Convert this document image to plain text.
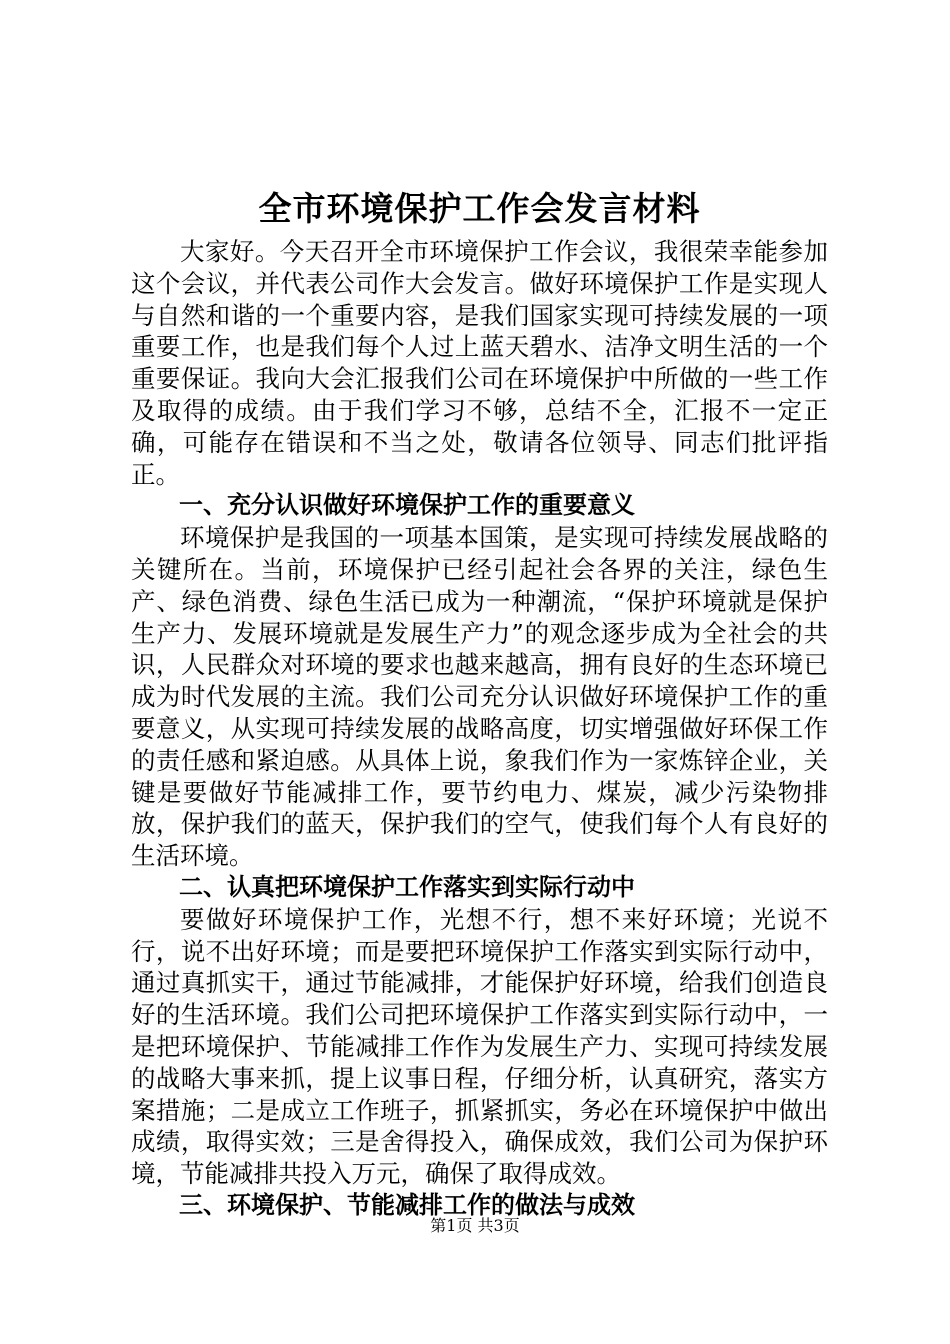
全市环境保护工作会发言材料

大家好。今天召开全市环境保护工作会议，我很荣幸能参加这个会议，并代表公司作大会发言。做好环境保护工作是实现人与自然和谐的一个重要内容，是我们国家实现可持续发展的一项重要工作，也是我们每个人过上蓝天碧水、洁净文明生活的一个重要保证。我向大会汇报我们公司在环境保护中所做的一些工作及取得的成绩。由于我们学习不够，总结不全，汇报不一定正确，可能存在错误和不当之处，敬请各位领导、同志们批评指正。

一、充分认识做好环境保护工作的重要意义

环境保护是我国的一项基本国策，是实现可持续发展战略的关键所在。当前，环境保护已经引起社会各界的关注，绿色生产、绿色消费、绿色生活已成为一种潮流，“保护环境就是保护生产力、发展环境就是发展生产力”的观念逐步成为全社会的共识，人民群众对环境的要求也越来越高，拥有良好的生态环境已成为时代发展的主流。我们公司充分认识做好环境保护工作的重要意义，从实现可持续发展的战略高度，切实增强做好环保工作的责任感和紧迫感。从具体上说，象我们作为一家炼锌企业，关键是要做好节能减排工作，要节约电力、煤炭，减少污染物排放，保护我们的蓝天，保护我们的空气，使我们每个人有良好的生活环境。

二、认真把环境保护工作落实到实际行动中

要做好环境保护工作，光想不行，想不来好环境；光说不行，说不出好环境；而是要把环境保护工作落实到实际行动中，通过真抓实干，通过节能减排，才能保护好环境，给我们创造良好的生活环境。我们公司把环境保护工作落实到实际行动中，一是把环境保护、节能减排工作作为发展生产力、实现可持续发展的战略大事来抓，提上议事日程，仔细分析，认真研究，落实方案措施；二是成立工作班子，抓紧抓实，务必在环境保护中做出成绩，取得实效；三是舍得投入，确保成效，我们公司为保护环境，节能减排共投入万元，确保了取得成效。

三、环境保护、节能减排工作的做法与成效
第1页 共3页
